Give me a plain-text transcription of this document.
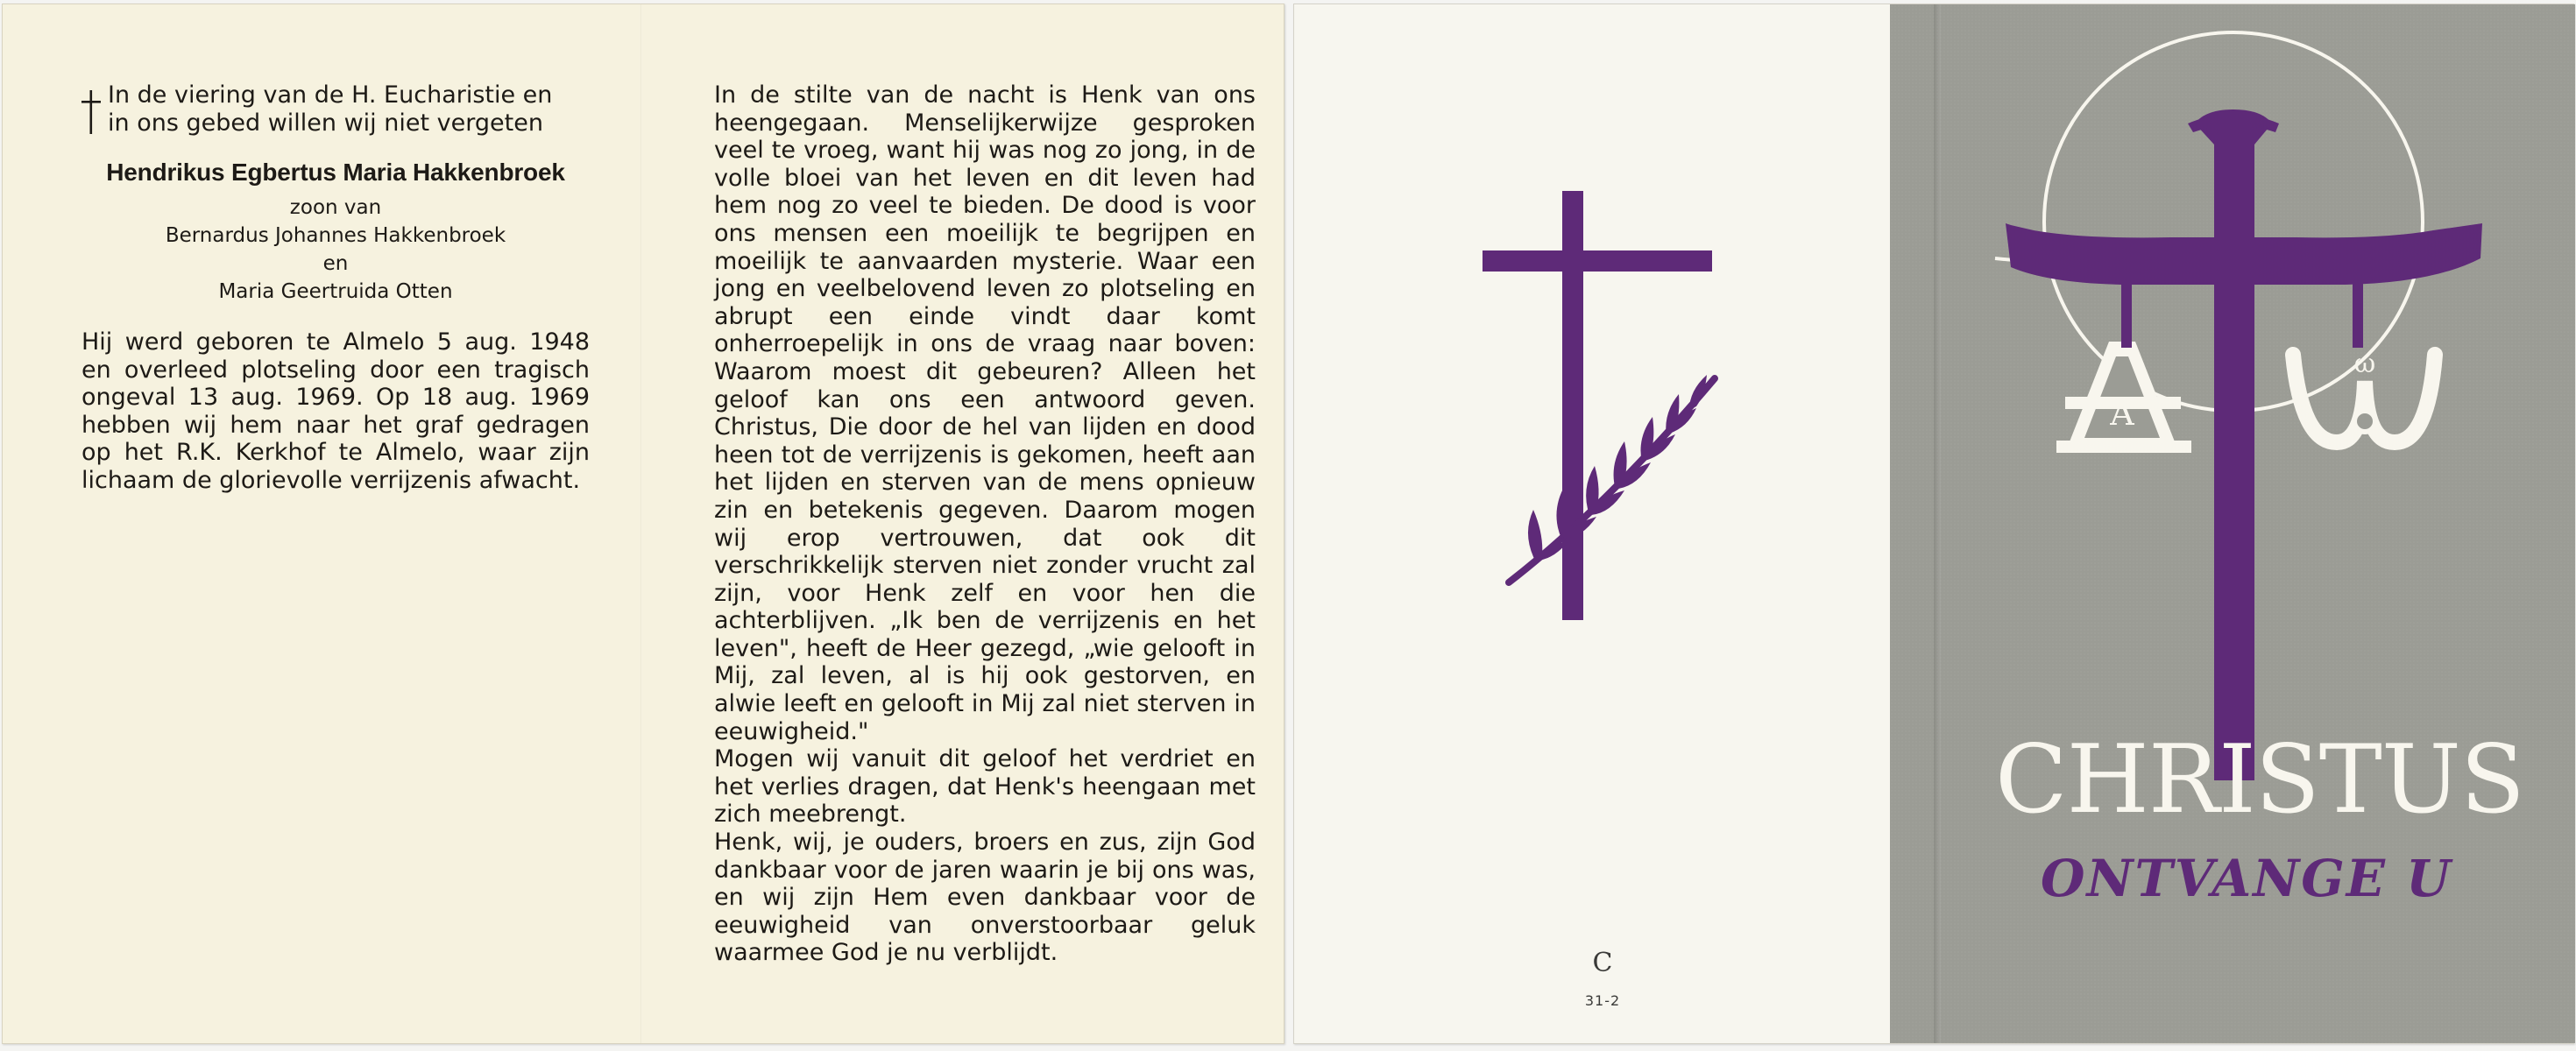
In de viering van de H. Eucharistie en
in ons gebed willen wij niet vergeten
Hendrikus Egbertus Maria Hakkenbroek
zoon van
Bernardus Johannes Hakkenbroek
en
Maria Geertruida Otten
Hij werd geboren te Almelo 5 aug. 1948 en overleed plotseling door een tragisch ongeval 13 aug. 1969. Op 18 aug. 1969 hebben wij hem naar het graf gedragen op het R.K. Kerkhof te Almelo, waar zijn lichaam de glorievolle verrijzenis afwacht.

In de stilte van de nacht is Henk van ons heengegaan. Menselijkerwijze gesproken veel te vroeg, want hij was nog zo jong, in de volle bloei van het leven en dit leven had hem nog zo veel te bieden. De dood is voor ons mensen een moeilijk te begrijpen en moeilijk te aanvaarden mysterie. Waar een jong en veelbelovend leven zo plotseling en abrupt een einde vindt daar komt onherroepelijk in ons de vraag naar boven: Waarom moest dit gebeuren? Alleen het geloof kan ons een antwoord geven. Christus, Die door de hel van lijden en dood heen tot de verrijzenis is gekomen, heeft aan het lijden en sterven van de mens opnieuw zin en betekenis gegeven. Daarom mogen wij erop vertrouwen, dat ook dit verschrikkelijk sterven niet zonder vrucht zal zijn, voor Henk zelf en voor hen die achterblijven. „Ik ben de verrijzenis en het leven", heeft de Heer gezegd, „wie gelooft in Mij, zal leven, al is hij ook gestorven, en alwie leeft en gelooft in Mij zal niet sterven in eeuwigheid."

Mogen wij vanuit dit geloof het verdriet en het verlies dragen, dat Henk's heengaan met zich meebrengt.

Henk, wij, je ouders, broers en zus, zijn God dankbaar voor de jaren waarin je bij ons was, en wij zijn Hem even dankbaar voor de eeuwigheid van onverstoorbaar geluk waarmee God je nu verblijdt.	C
31-2
A
ω
CHRISTUS
ONTVANGE U
